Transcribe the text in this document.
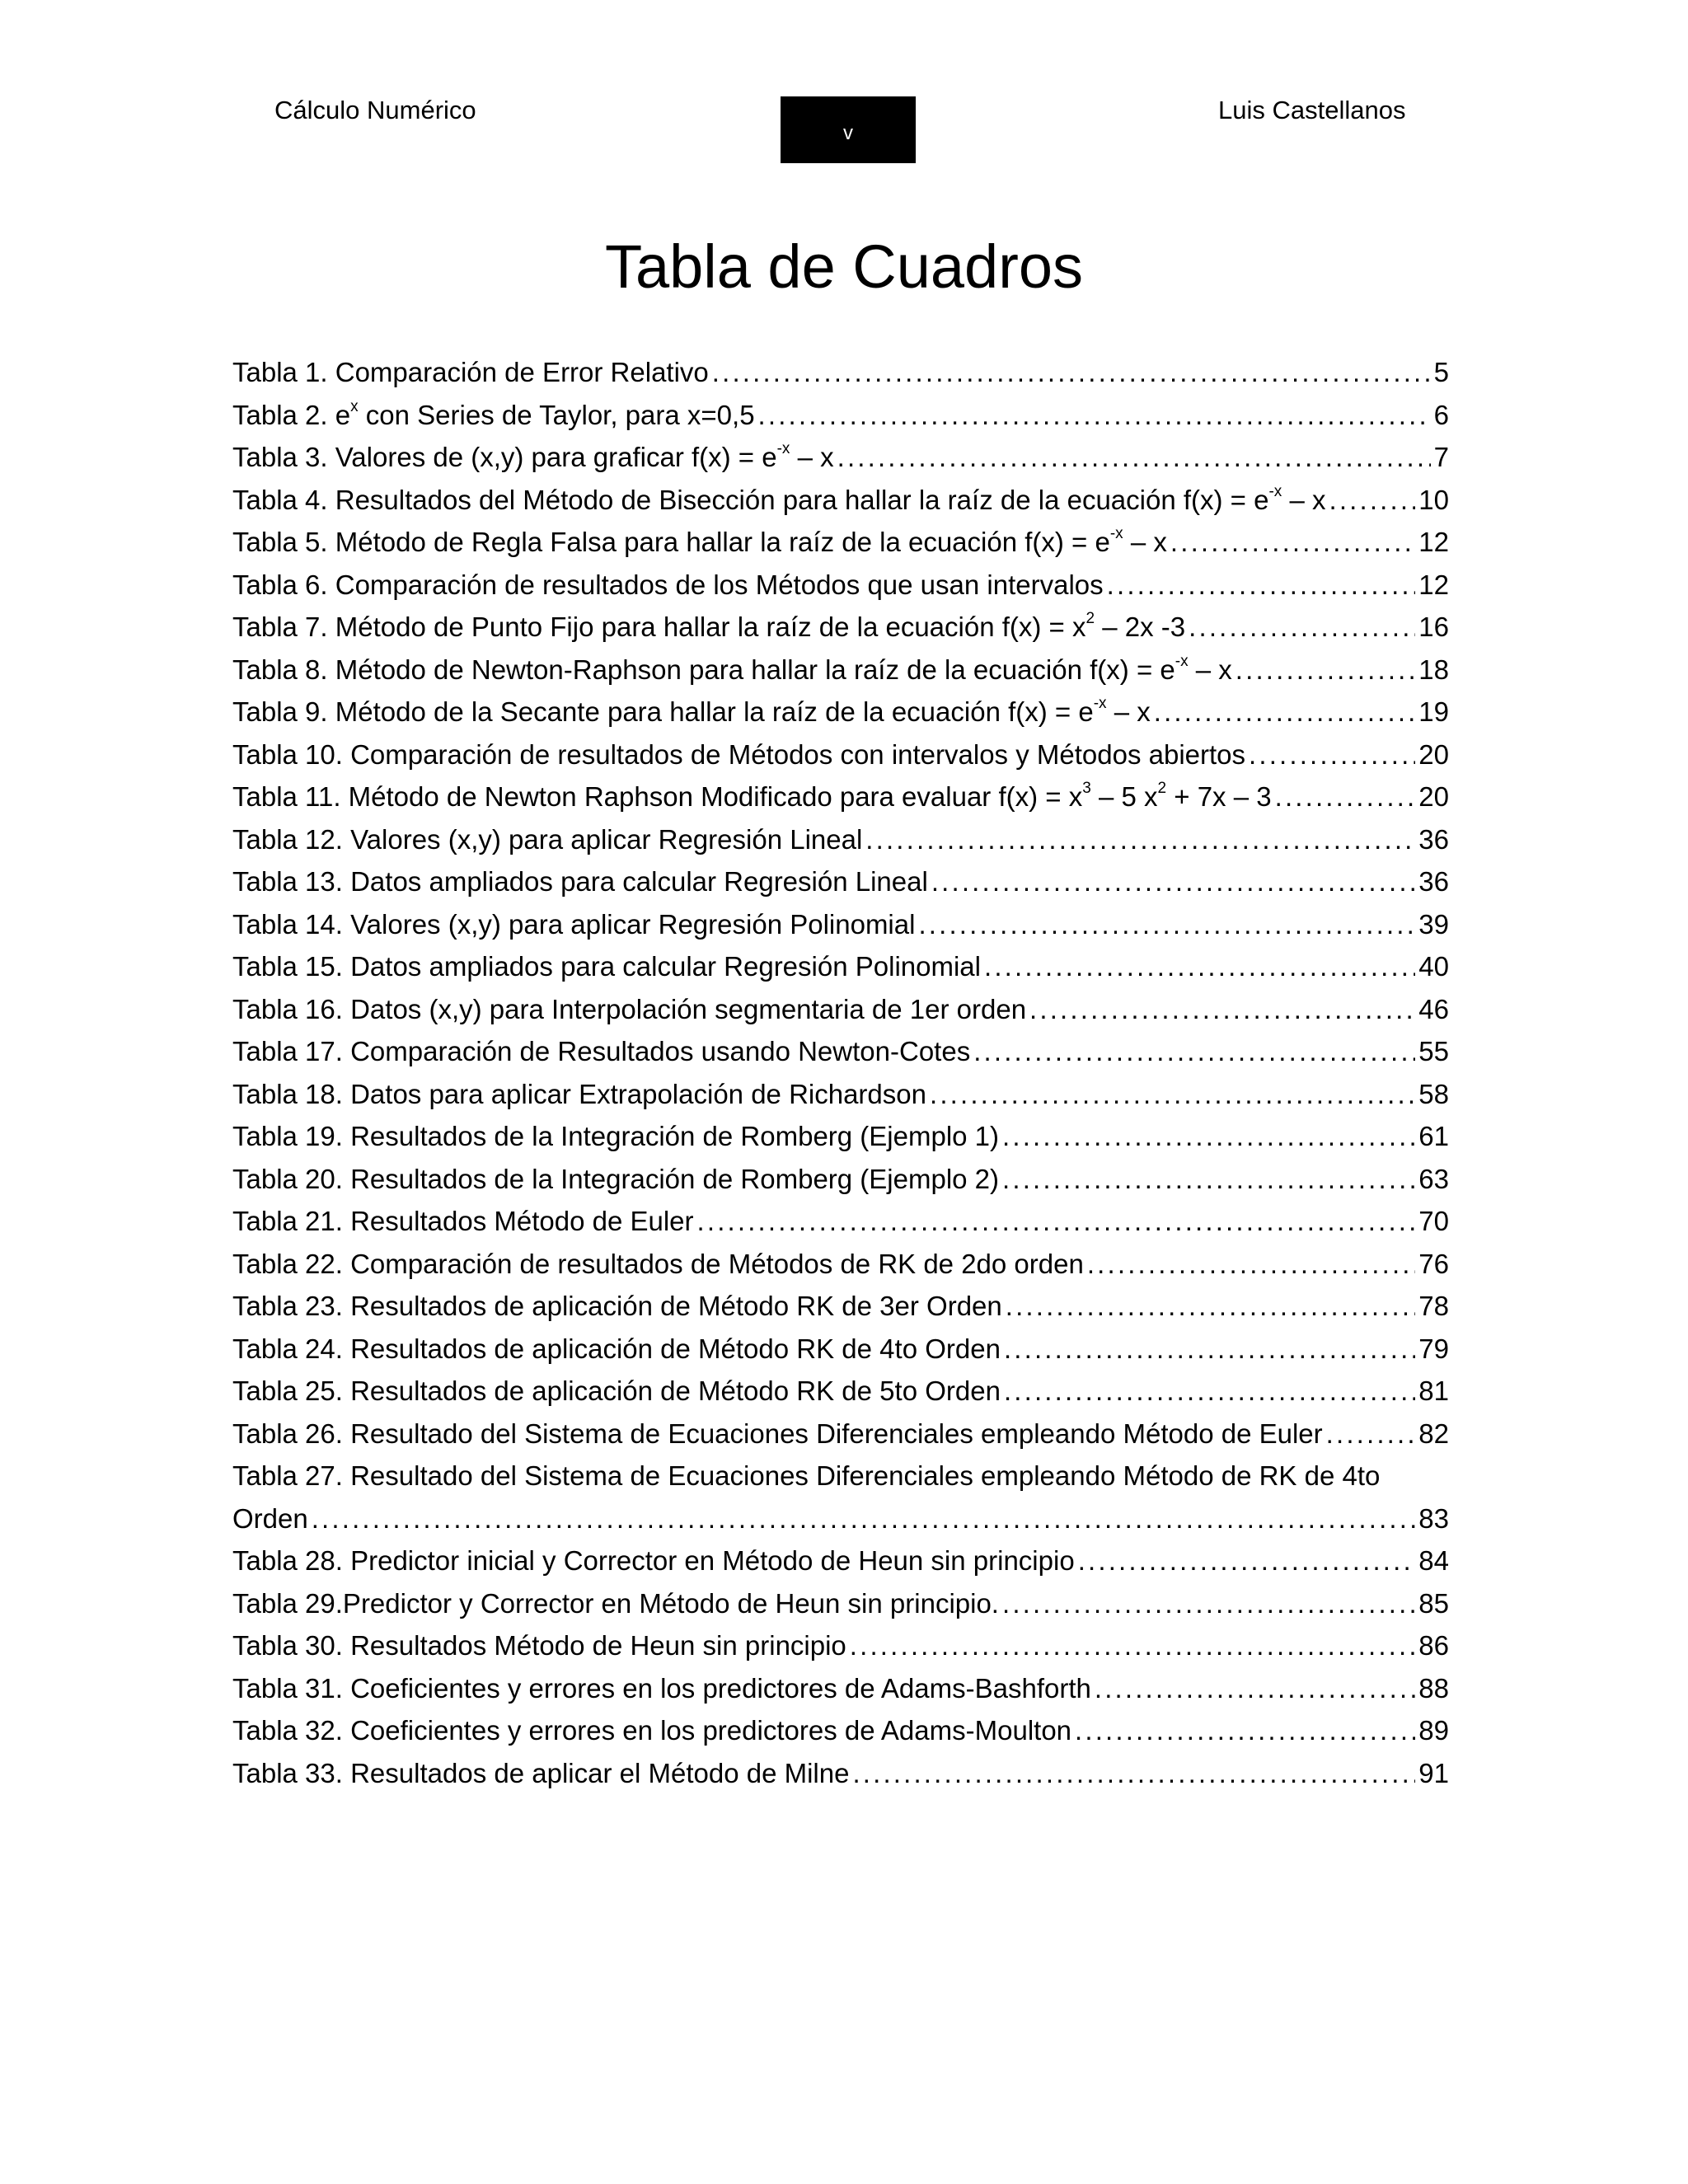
Cálculo Numérico
v
Luis Castellanos
Tabla de Cuadros
Tabla 1. Comparación de Error Relativo . . .	5
Tabla 2. $e^x$ con Series de Taylor, para x=0,5 . . .	6
Tabla 3. Valores de (x,y) para graficar $f(x) = e^{-x} - x$ . . .	7
Tabla 4. Resultados del Método de Bisección para hallar la raíz de la ecuación $f(x) = e^{-x} - x$ . . .	10
Tabla 5. Método de Regla Falsa para hallar la raíz de la ecuación $f(x) = e^{-x} - x$ . . .	12
Tabla 6. Comparación de resultados de los Métodos que usan intervalos . . .	12
Tabla 7. Método de Punto Fijo para hallar la raíz de la ecuación $f(x) = x^2 - 2x$ -3 . . .	16
Tabla 8. Método de Newton-Raphson para hallar la raíz de la ecuación $f(x) = e^{-x} - x$ . . .	18
Tabla 9. Método de la Secante para hallar la raíz de la ecuación $f(x) = e^{-x} - x$ . . .	19
Tabla 10. Comparación de resultados de Métodos con intervalos y Métodos abiertos . . .	20
Tabla 11. Método de Newton Raphson Modificado para evaluar $f(x) = x^3 - 5$ $x^2 + 7x - 3$ . . .	20
Tabla 12. Valores (x,y) para aplicar Regresión Lineal . . .	36
Tabla 13. Datos ampliados para calcular Regresión Lineal . . .	36
Tabla 14. Valores (x,y) para aplicar Regresión Polinomial . . .	39
Tabla 15. Datos ampliados para calcular Regresión Polinomial . . .	40
Tabla 16. Datos (x,y) para Interpolación segmentaria de 1er orden . . .	46
Tabla 17. Comparación de Resultados usando Newton-Cotes . . .	55
Tabla 18. Datos para aplicar Extrapolación de Richardson . . .	58
Tabla 19. Resultados de la Integración de Romberg (Ejemplo 1) . . .	61
Tabla 20. Resultados de la Integración de Romberg (Ejemplo 2) . . .	63
Tabla 21. Resultados Método de Euler . . .	70
Tabla 22. Comparación de resultados de Métodos de RK de 2do orden . . .	76
Tabla 23. Resultados de aplicación de Método RK de 3er Orden . . .	78
Tabla 24. Resultados de aplicación de Método RK de 4to Orden . . .	79
Tabla 25. Resultados de aplicación de Método RK de 5to Orden . . .	81
Tabla 26. Resultado del Sistema de Ecuaciones Diferenciales empleando Método de Euler . . .	82
Tabla 27. Resultado del Sistema de Ecuaciones Diferenciales empleando Método de RK de 4to
Orden . . .	83
Tabla 28. Predictor inicial y Corrector en Método de Heun sin principio . . .	84
Tabla 29.Predictor y Corrector en Método de Heun sin principio. . . .	85
Tabla 30. Resultados Método de Heun sin principio . . .	86
Tabla 31. Coeficientes y errores en los predictores de Adams-Bashforth . . .	88
Tabla 32. Coeficientes y errores en los predictores de Adams-Moulton . . .	89
Tabla 33. Resultados de aplicar el Método de Milne . . .	91
